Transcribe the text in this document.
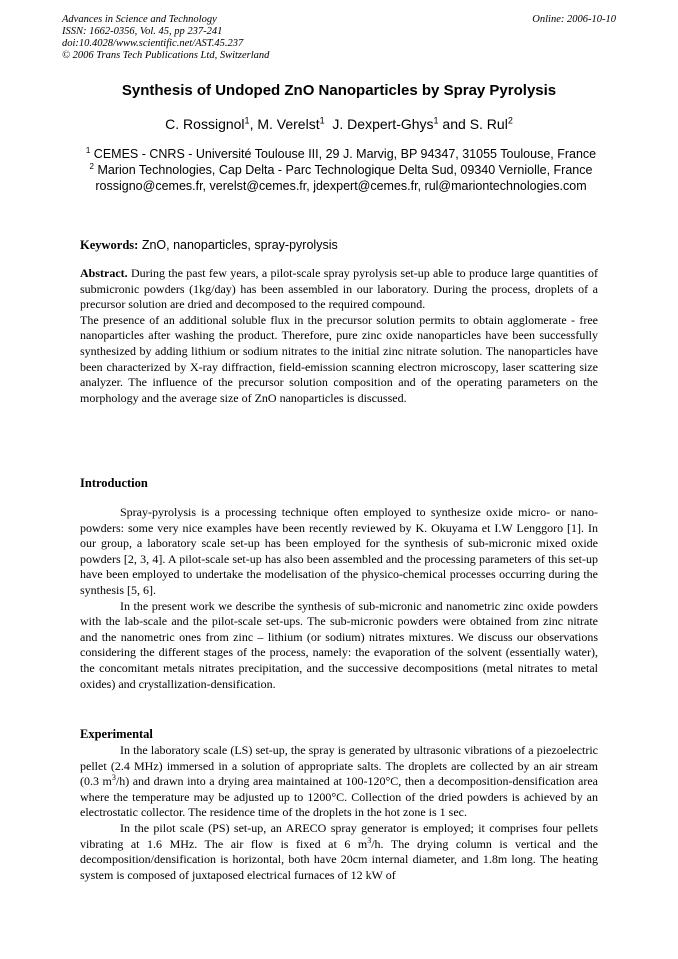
Advances in Science and Technology
ISSN: 1662-0356, Vol. 45, pp 237-241
doi:10.4028/www.scientific.net/AST.45.237
© 2006 Trans Tech Publications Ltd, Switzerland
Online: 2006-10-10
Synthesis of Undoped ZnO Nanoparticles by Spray Pyrolysis
C. Rossignol$^1$, M. Verelst$^1$ J. Dexpert-Ghys$^1$ and S. Rul$^2$

$^1$ CEMES - CNRS - Université Toulouse III, 29 J. Marvig, BP 94347, 31055 Toulouse, France

$^2$ Marion Technologies, Cap Delta - Parc Technologique Delta Sud, 09340 Verniolle, France

rossigno@cemes.fr, verelst@cemes.fr, jdexpert@cemes.fr, rul@mariontechnologies.com

Keywords: ZnO, nanoparticles, spray-pyrolysis

Abstract. During the past few years, a pilot-scale spray pyrolysis set-up able to produce large quantities of submicronic powders (1kg/day) has been assembled in our laboratory. During the process, droplets of a precursor solution are dried and decomposed to the required compound.

The presence of an additional soluble flux in the precursor solution permits to obtain agglomerate - free nanoparticles after washing the product. Therefore, pure zinc oxide nanoparticles have been successfully synthesized by adding lithium or sodium nitrates to the initial zinc nitrate solution. The nanoparticles have been characterized by X-ray diffraction, field-emission scanning electron microscopy, laser scattering size analyzer. The influence of the precursor solution composition and of the operating parameters on the morphology and the average size of ZnO nanoparticles is discussed.

Introduction

Spray-pyrolysis is a processing technique often employed to synthesize oxide micro- or nano-powders: some very nice examples have been recently reviewed by K. Okuyama et I.W Lenggoro [1]. In our group, a laboratory scale set-up has been employed for the synthesis of sub-micronic mixed oxide powders [2, 3, 4]. A pilot-scale set-up has also been assembled and the processing parameters of this set-up have been employed to undertake the modelisation of the physico-chemical processes occurring during the synthesis [5, 6].

In the present work we describe the synthesis of sub-micronic and nanometric zinc oxide powders with the lab-scale and the pilot-scale set-ups. The sub-micronic powders were obtained from zinc nitrate and the nanometric ones from zinc – lithium (or sodium) nitrates mixtures. We discuss our observations considering the different stages of the process, namely: the evaporation of the solvent (essentially water), the concomitant metals nitrates precipitation, and the successive decompositions (metal nitrates to metal oxides) and crystallization-densification.

Experimental

In the laboratory scale (LS) set-up, the spray is generated by ultrasonic vibrations of a piezoelectric pellet (2.4 MHz) immersed in a solution of appropriate salts. The droplets are collected by an air stream (0.3 $m^3/h$) and drawn into a drying area maintained at 100-120°C, then a decomposition-densification area where the temperature may be adjusted up to 1200°C. Collection of the dried powders is achieved by an electrostatic collector. The residence time of the droplets in the hot zone is 1 sec.

In the pilot scale (PS) set-up, an ARECO spray generator is employed; it comprises four pellets vibrating at 1.6 MHz. The air flow is fixed at 6 $m^3/h$. The drying column is vertical and the decomposition/densification is horizontal, both have 20cm internal diameter, and 1.8m long. The heating system is composed of juxtaposed electrical furnaces of 12 kW of
